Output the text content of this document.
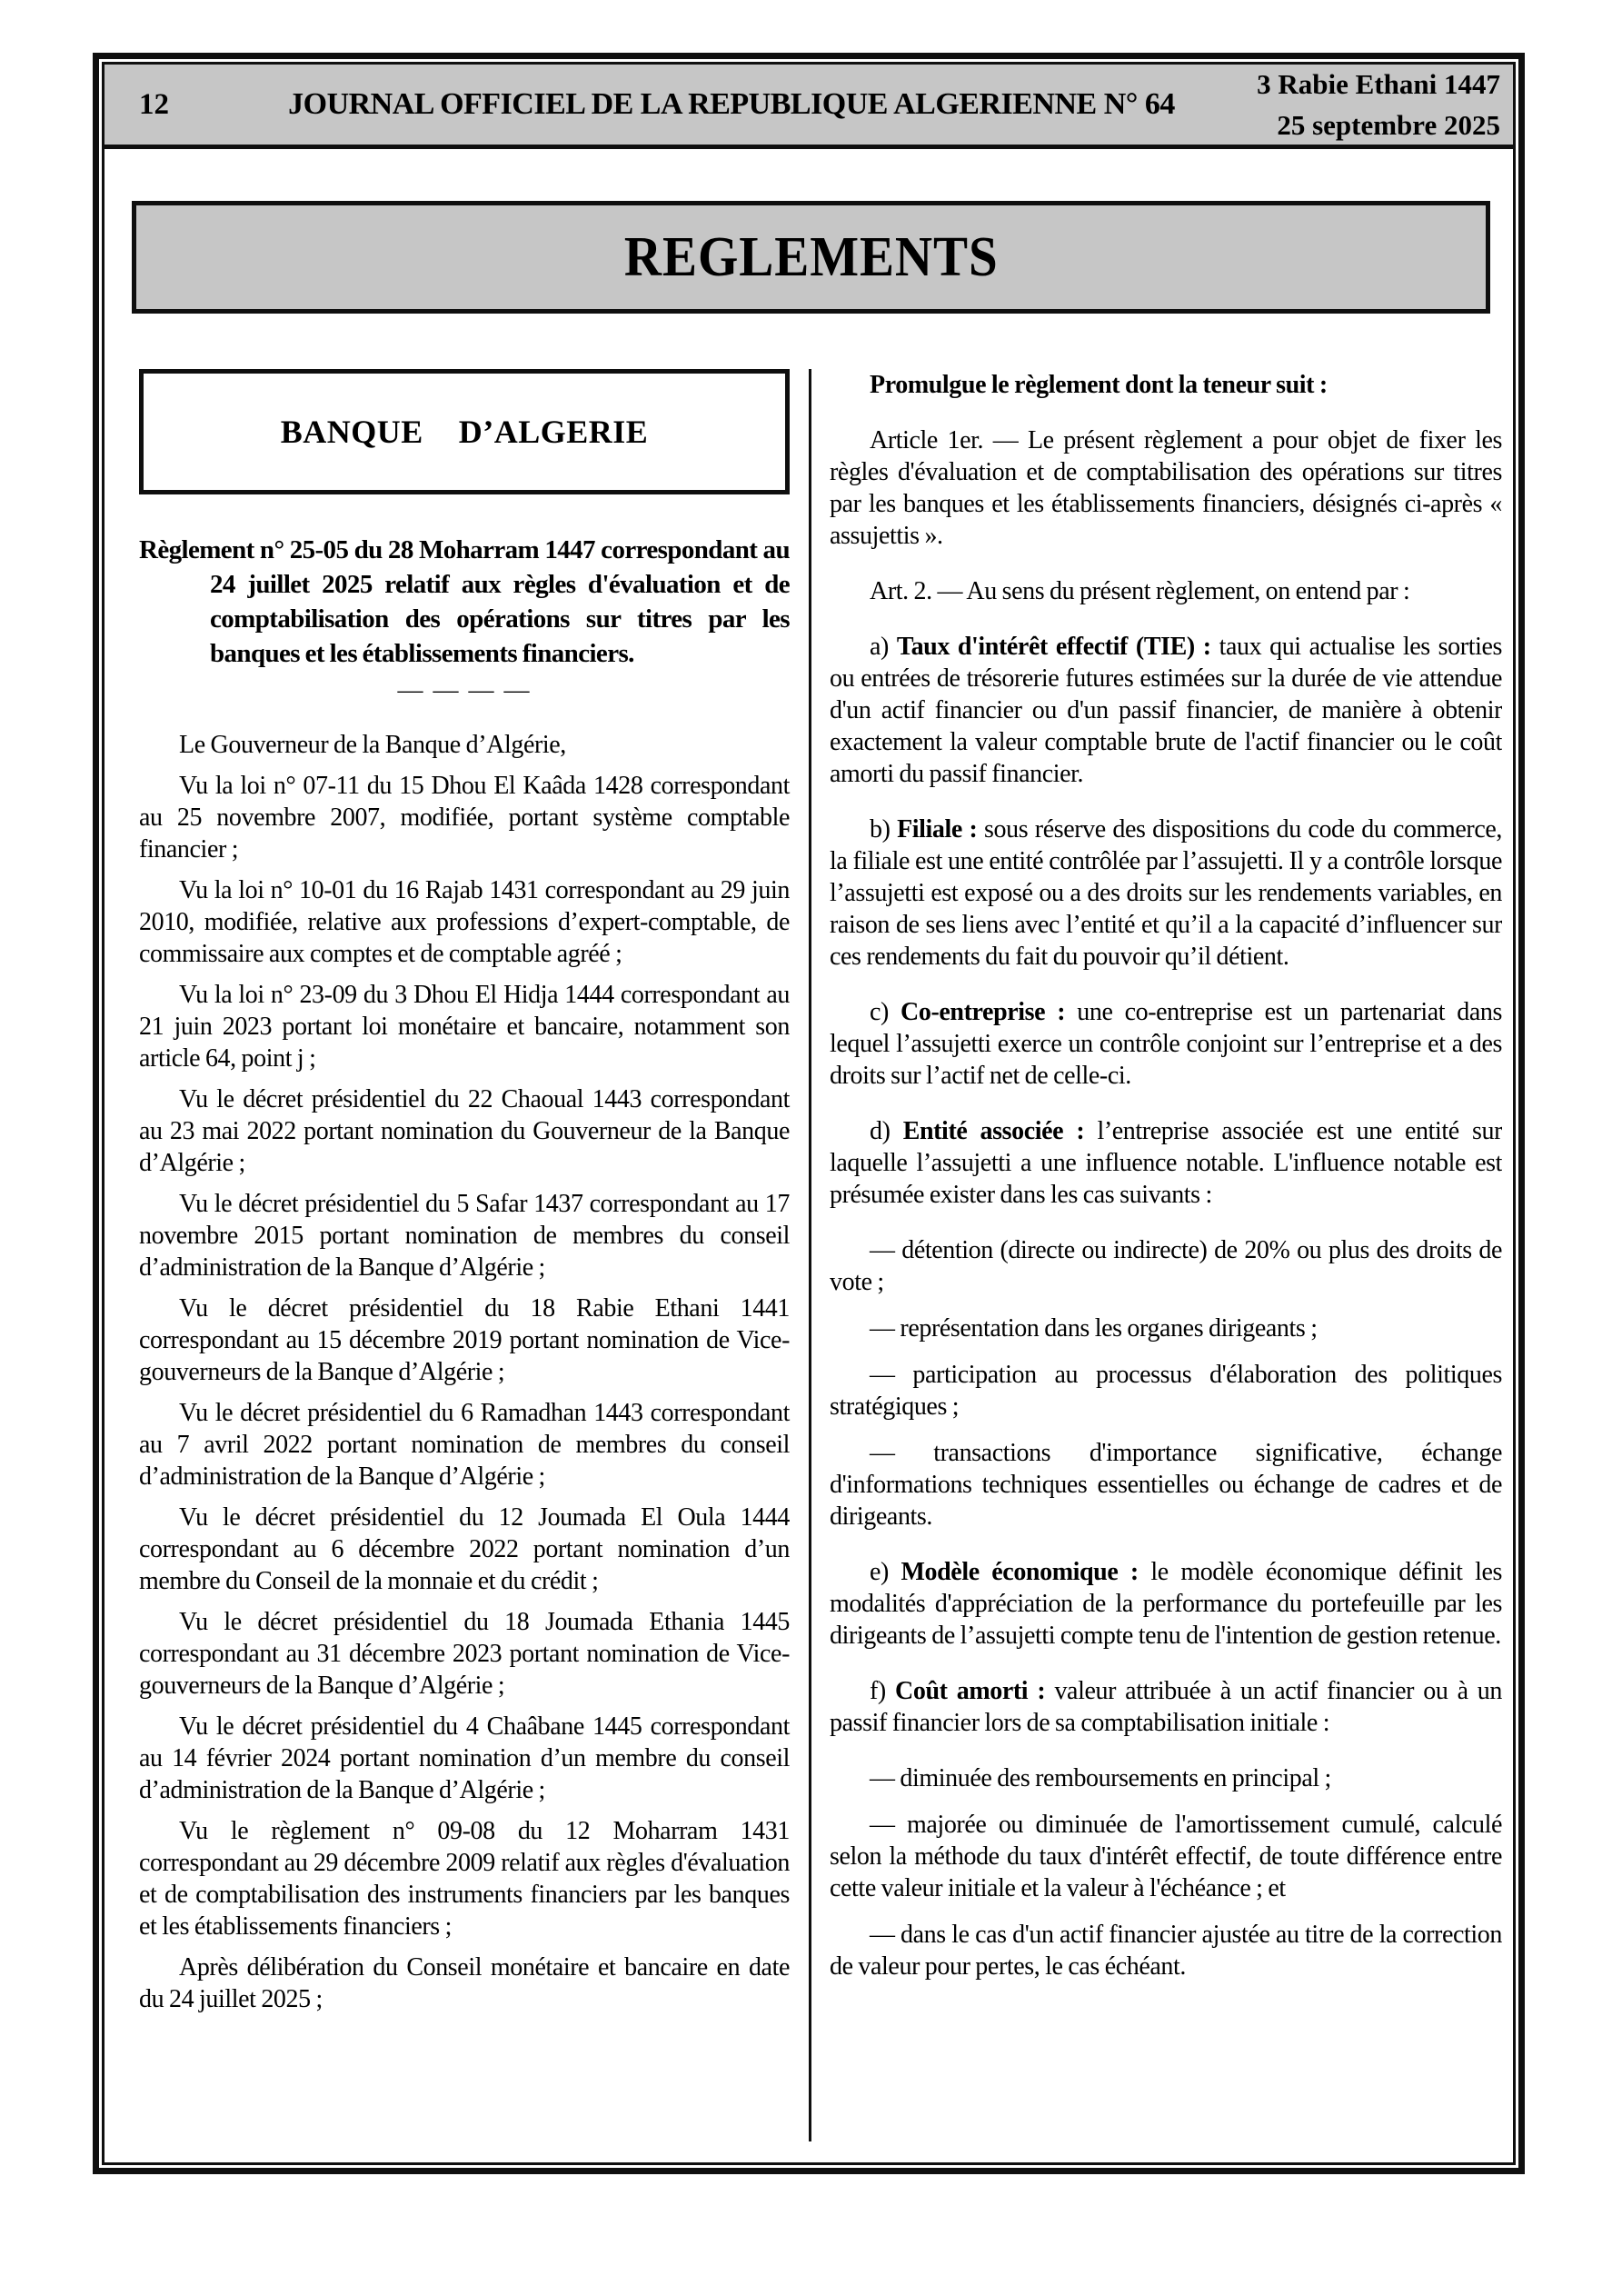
12	JOURNAL OFFICIEL DE LA REPUBLIQUE ALGERIENNE N° 64
3 Rabie Ethani 1447
25 septembre 2025
REGLEMENTS
BANQUE  D’ALGERIE

Règlement n° 25-05 du 28 Moharram 1447 correspondant au 24 juillet 2025 relatif aux règles d'évaluation et de comptabilisation des opérations sur titres par les banques et les établissements financiers.

— — — —

Le Gouverneur de la Banque d’Algérie,

Vu la loi n° 07-11 du 15 Dhou El Kaâda 1428 correspondant au 25 novembre 2007, modifiée, portant système comptable financier ;

Vu la loi n° 10-01 du 16 Rajab 1431 correspondant au 29 juin 2010, modifiée, relative aux professions d’expert-comptable, de commissaire aux comptes et de comptable agréé ;

Vu la loi n° 23-09 du 3 Dhou El Hidja 1444 correspondant au 21 juin 2023 portant loi monétaire et bancaire, notamment son article 64, point j ;

Vu le décret présidentiel du 22 Chaoual 1443 correspondant au 23 mai 2022 portant nomination du Gouverneur de la Banque d’Algérie ;

Vu le décret présidentiel du 5 Safar 1437 correspondant au 17 novembre 2015 portant nomination de membres du conseil d’administration de la Banque d’Algérie ;

Vu le décret présidentiel du 18 Rabie Ethani 1441 correspondant au 15 décembre 2019 portant nomination de Vice-gouverneurs de la Banque d’Algérie ;

Vu le décret présidentiel du 6 Ramadhan 1443 correspondant au 7 avril 2022 portant nomination de membres du conseil d’administration de la Banque d’Algérie ;

Vu le décret présidentiel du 12 Joumada El Oula 1444 correspondant au 6 décembre 2022 portant nomination d’un membre du Conseil de la monnaie et du crédit ;

Vu le décret présidentiel du 18 Joumada Ethania 1445 correspondant au 31 décembre 2023 portant nomination de Vice-gouverneurs de la Banque d’Algérie ;

Vu le décret présidentiel du 4 Chaâbane 1445 correspondant au 14 février 2024 portant nomination d’un membre du conseil d’administration de la Banque d’Algérie ;

Vu le règlement n° 09-08 du 12 Moharram 1431 correspondant au 29 décembre 2009 relatif aux règles d'évaluation et de comptabilisation des instruments financiers par les banques et les établissements financiers ;

Après délibération du Conseil monétaire et bancaire en date du 24 juillet 2025 ;

Promulgue le règlement dont la teneur suit :

Article 1er. — Le présent règlement a pour objet de fixer les règles d'évaluation et de comptabilisation des opérations sur titres par les banques et les établissements financiers, désignés ci-après « assujettis ».

Art. 2. — Au sens du présent règlement, on entend par :

a) Taux d'intérêt effectif (TIE) : taux qui actualise les sorties ou entrées de trésorerie futures estimées sur la durée de vie attendue d'un actif financier ou d'un passif financier, de manière à obtenir exactement la valeur comptable brute de l'actif financier ou le coût amorti du passif financier.

b) Filiale : sous réserve des dispositions du code du commerce, la filiale est une entité contrôlée par l’assujetti. Il y a contrôle lorsque l’assujetti est exposé ou a des droits sur les rendements variables, en raison de ses liens avec l’entité et qu’il a la capacité d’influencer sur ces rendements du fait du pouvoir qu’il détient.

c) Co-entreprise : une co-entreprise est un partenariat dans lequel l’assujetti exerce un contrôle conjoint sur l’entreprise et a des droits sur l’actif net de celle-ci.

d) Entité associée : l’entreprise associée est une entité sur laquelle l’assujetti a une influence notable. L'influence notable est présumée exister dans les cas suivants :

— détention (directe ou indirecte) de 20% ou plus des droits de vote ;

— représentation dans les organes dirigeants ;

— participation au processus d'élaboration des politiques stratégiques ;

— transactions d'importance significative, échange d'informations techniques essentielles ou échange de cadres et de dirigeants.

e) Modèle économique : le modèle économique définit les modalités d'appréciation de la performance du portefeuille par les dirigeants de l’assujetti compte tenu de l'intention de gestion retenue.

f) Coût amorti : valeur attribuée à un actif financier ou à un passif financier lors de sa comptabilisation initiale :

— diminuée des remboursements en principal ;

— majorée ou diminuée de l'amortissement cumulé, calculé selon la méthode du taux d'intérêt effectif, de toute différence entre cette valeur initiale et la valeur à l'échéance ; et

— dans le cas d'un actif financier ajustée au titre de la correction de valeur pour pertes, le cas échéant.
